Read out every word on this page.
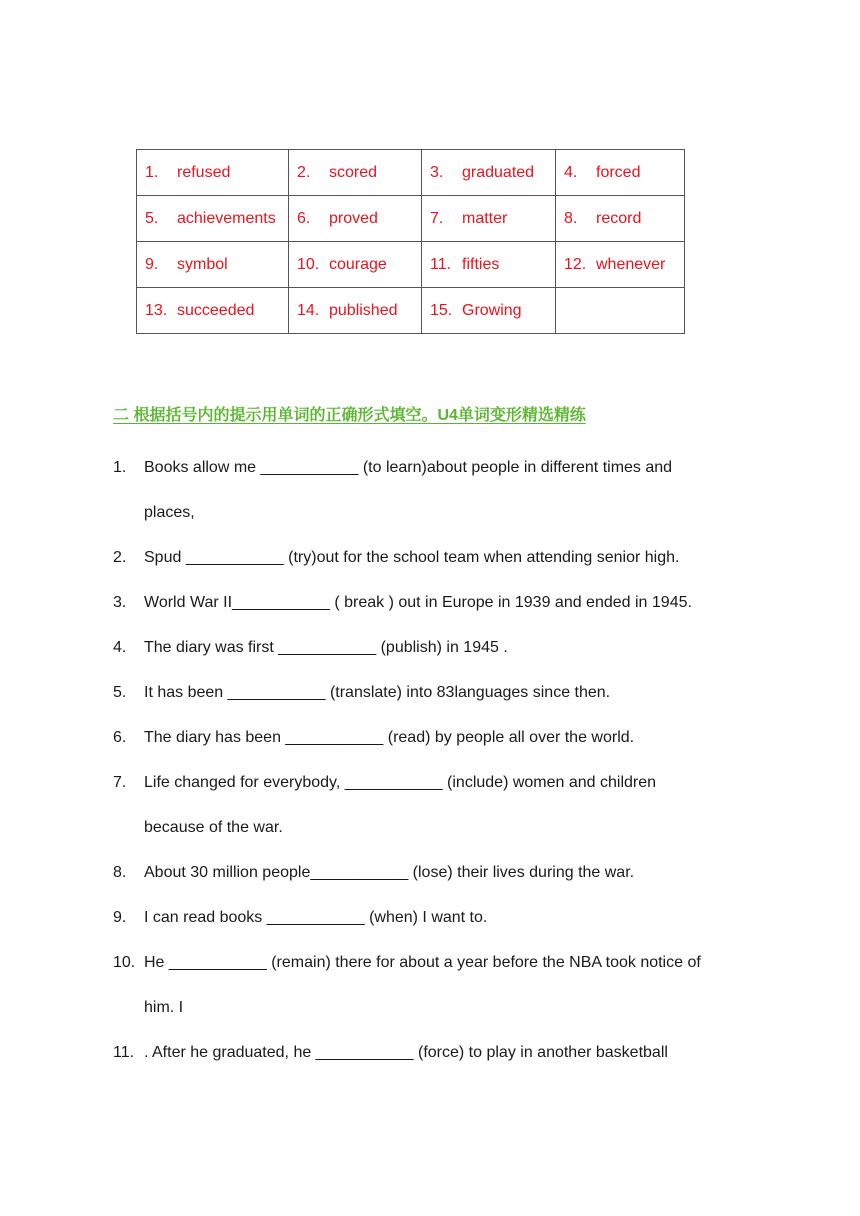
1. refused	2. scored	3. graduated	4. forced
5. achievements	6. proved	7. matter	8. record
9. symbol	10. courage	11. fifties	12. whenever
13. succeeded	14. published	15. Growing	
二 根据括号内的提示用单词的正确形式填空。U4单词变形精选精练
1. Books allow me ___________ (to learn)about people in different times and
places,
2. Spud ___________ (try)out for the school team when attending senior high.
3. World War II___________ ( break ) out in Europe in 1939 and ended in 1945.
4. The diary was first ___________ (publish) in 1945 .
5. It has been ___________ (translate) into 83languages since then.
6. The diary has been ___________ (read) by people all over the world.
7. Life changed for everybody, ___________ (include) women and children
because of the war.
8. About 30 million people___________ (lose) their lives during the war.
9. I can read books ___________ (when) I want to.
10. He ___________ (remain) there for about a year before the NBA took notice of
him. I
11. . After he graduated, he ___________ (force) to play in another basketball
